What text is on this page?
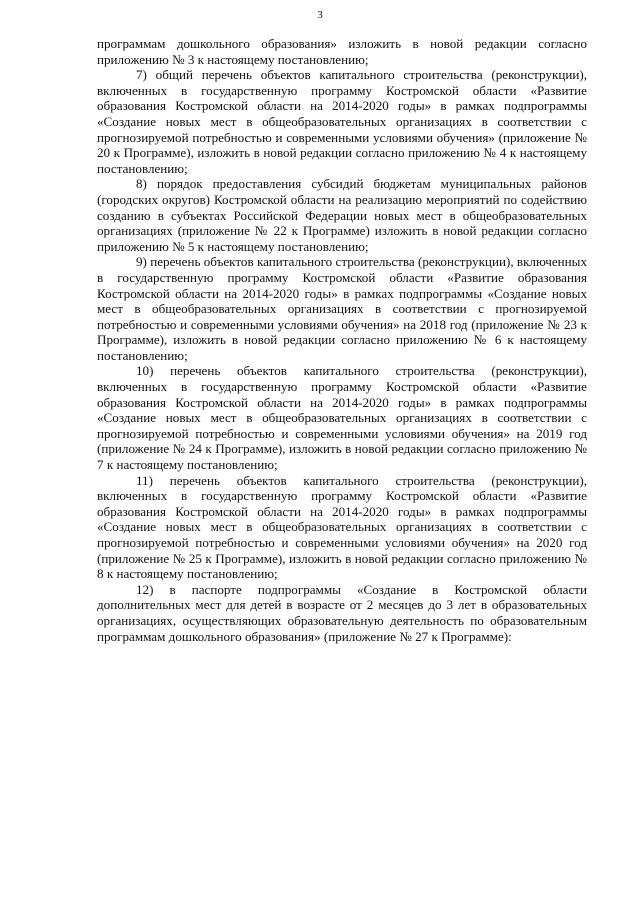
3

программам дошкольного образования» изложить в новой редакции согласно приложению № 3 к настоящему постановлению;

7) общий перечень объектов капитального строительства (реконструкции), включенных в государственную программу Костромской области «Развитие образования Костромской области на 2014-2020 годы» в рамках подпрограммы «Создание новых мест в общеобразовательных организациях в соответствии с прогнозируемой потребностью и современными условиями обучения» (приложение № 20 к Программе), изложить в новой редакции согласно приложению № 4 к настоящему постановлению;

8) порядок предоставления субсидий бюджетам муниципальных районов (городских округов) Костромской области на реализацию мероприятий по содействию созданию в субъектах Российской Федерации новых мест в общеобразовательных организациях (приложение № 22 к Программе) изложить в новой редакции согласно приложению № 5 к настоящему постановлению;

9) перечень объектов капитального строительства (реконструкции), включенных в государственную программу Костромской области «Развитие образования Костромской области на 2014-2020 годы» в рамках подпрограммы «Создание новых мест в общеобразовательных организациях в соответствии с прогнозируемой потребностью и современными условиями обучения» на 2018 год (приложение № 23 к Программе), изложить в новой редакции согласно приложению № 6 к настоящему постановлению;

10) перечень объектов капитального строительства (реконструкции), включенных в государственную программу Костромской области «Развитие образования Костромской области на 2014-2020 годы» в рамках подпрограммы «Создание новых мест в общеобразовательных организациях в соответствии с прогнозируемой потребностью и современными условиями обучения» на 2019 год (приложение № 24 к Программе), изложить в новой редакции согласно приложению № 7 к настоящему постановлению;

11) перечень объектов капитального строительства (реконструкции), включенных в государственную программу Костромской области «Развитие образования Костромской области на 2014-2020 годы» в рамках подпрограммы «Создание новых мест в общеобразовательных организациях в соответствии с прогнозируемой потребностью и современными условиями обучения» на 2020 год (приложение № 25 к Программе), изложить в новой редакции согласно приложению № 8 к настоящему постановлению;

12) в паспорте подпрограммы «Создание в Костромской области дополнительных мест для детей в возрасте от 2 месяцев до 3 лет в образовательных организациях, осуществляющих образовательную деятельность по образовательным программам дошкольного образования» (приложение № 27 к Программе):
